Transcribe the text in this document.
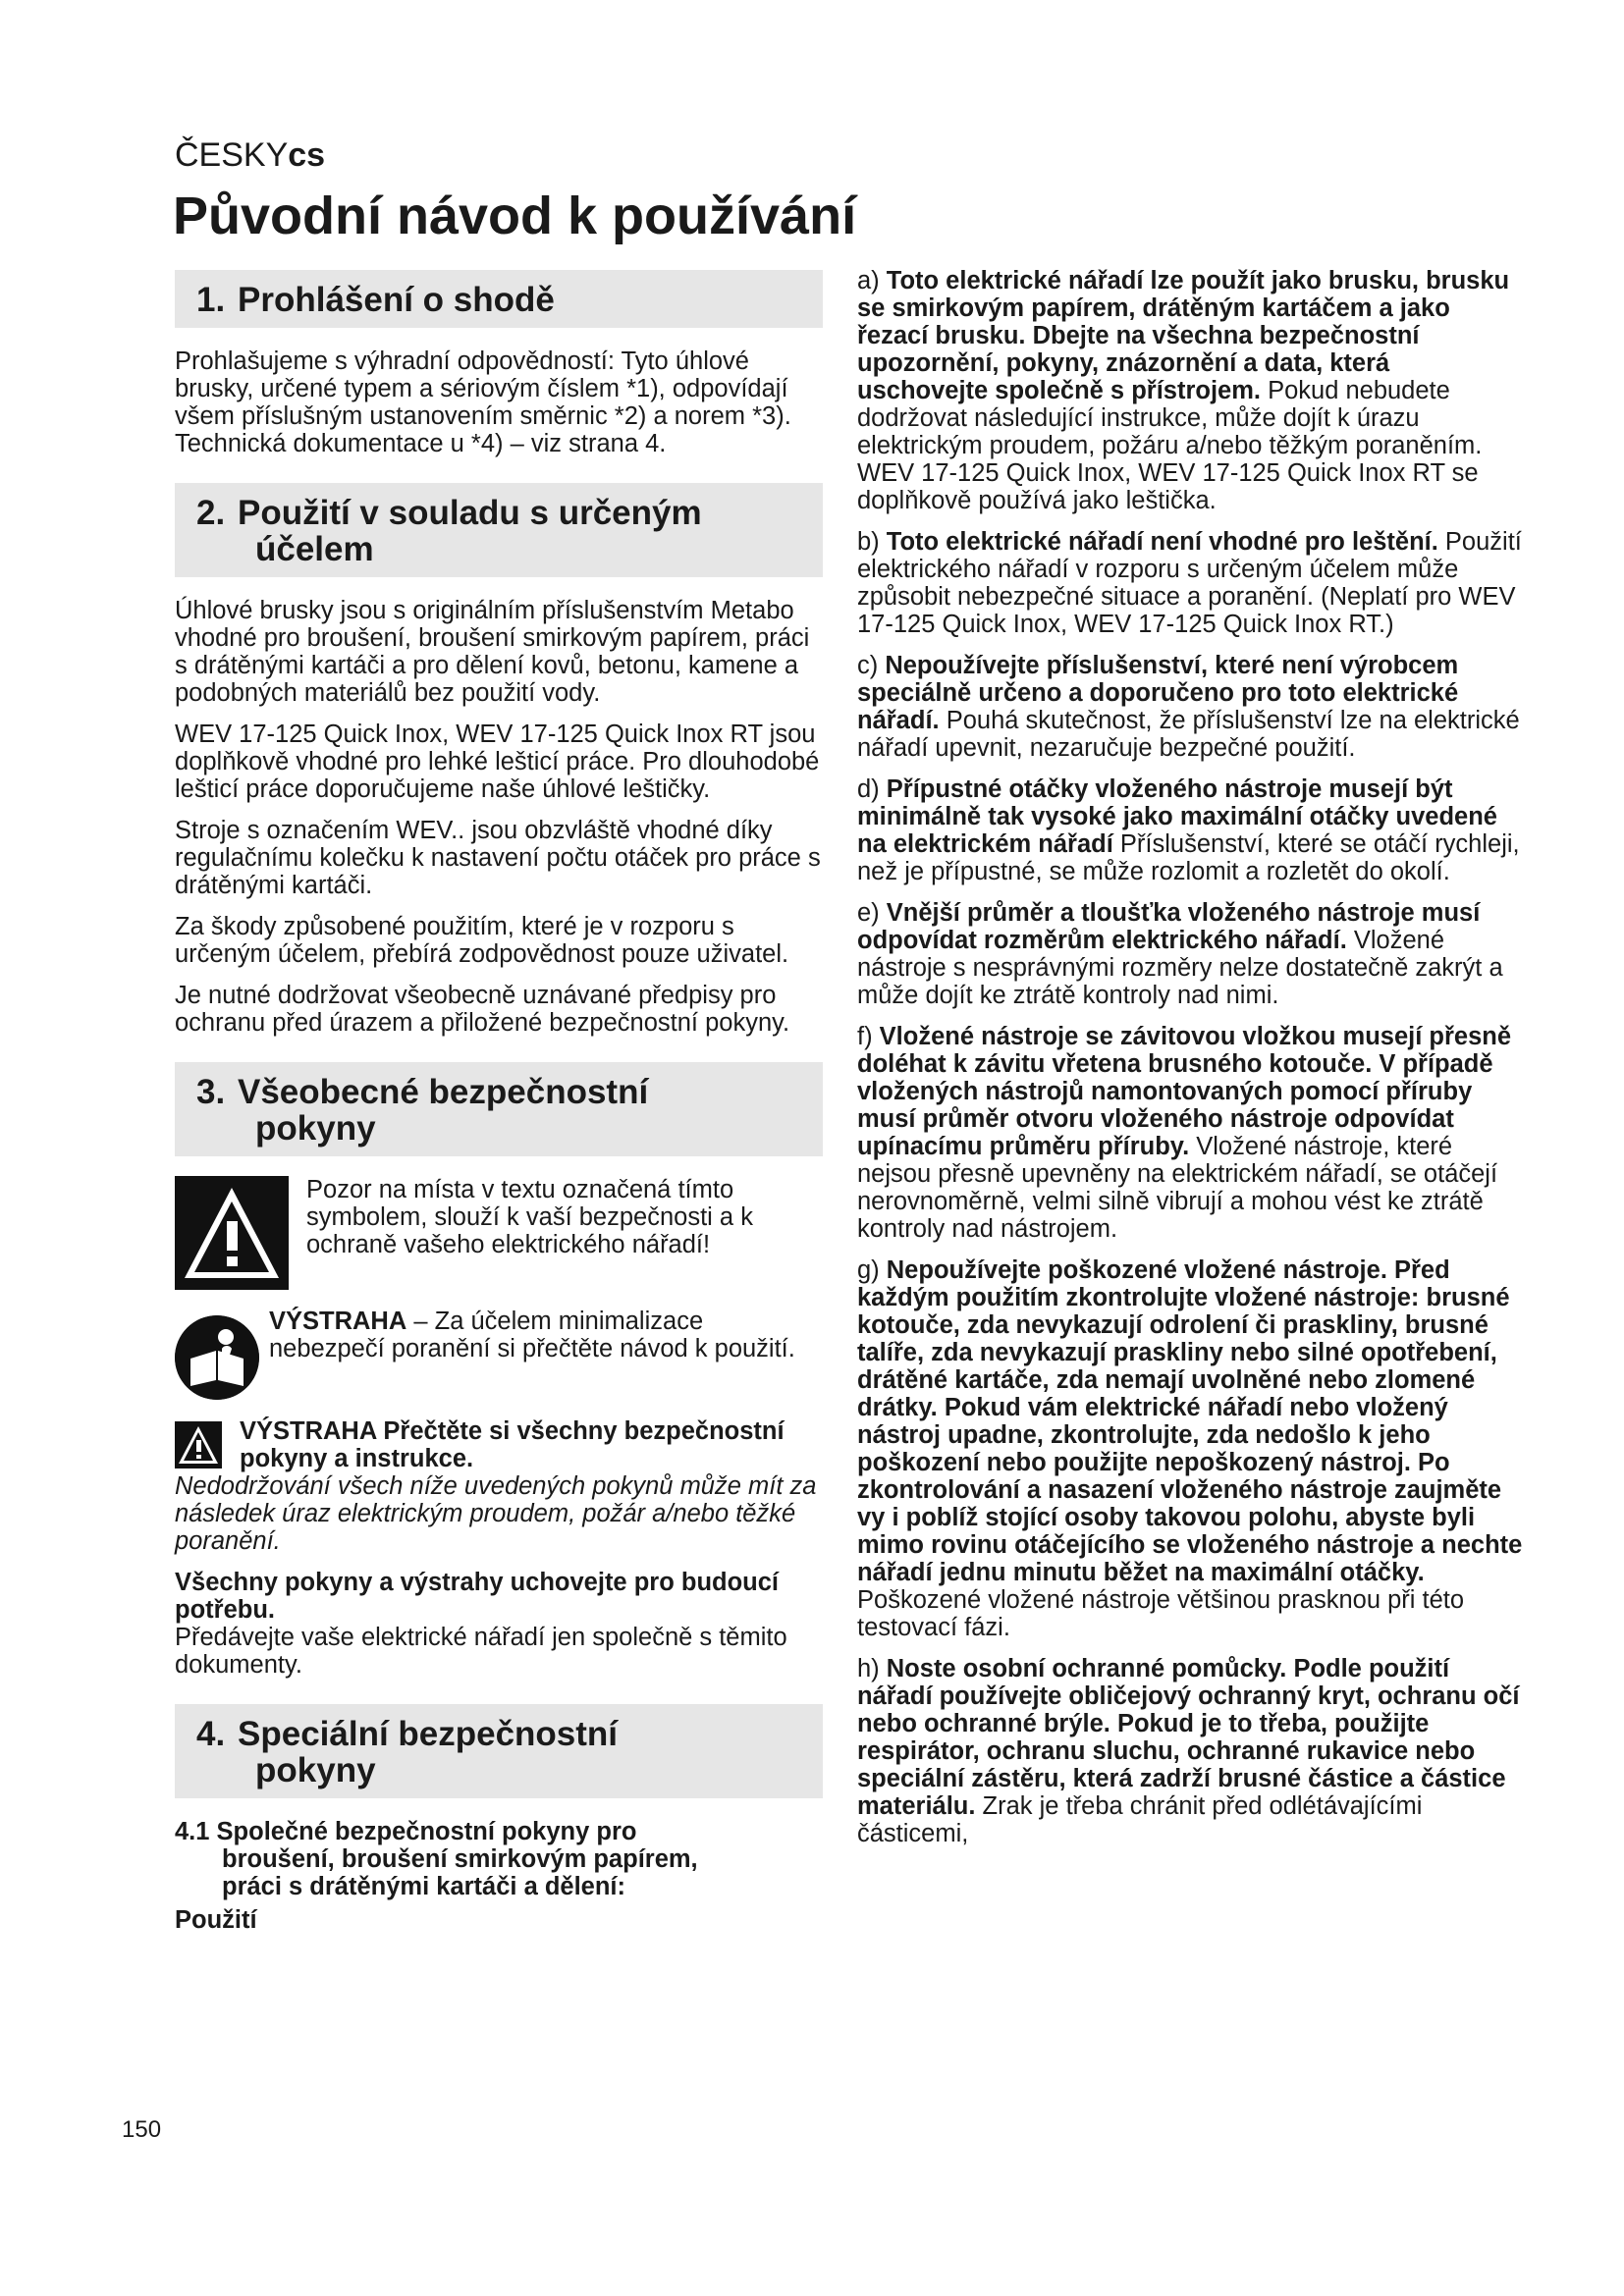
ČESKYcs
Původní návod k používání
1. Prohlášení o shodě

Prohlašujeme s výhradní odpovědností: Tyto úhlové brusky, určené typem a sériovým číslem *1), odpovídají všem příslušným ustanovením směrnic *2) a norem *3). Technická dokumentace u *4) – viz strana 4.

2. Použití v souladu s určeným
účelem

Úhlové brusky jsou s originálním příslušenstvím Metabo vhodné pro broušení, broušení smirkovým papírem, práci s drátěnými kartáči a pro dělení kovů, betonu, kamene a podobných materiálů bez použití vody.

WEV 17-125 Quick Inox, WEV 17-125 Quick Inox RT jsou doplňkově vhodné pro lehké lešticí práce. Pro dlouhodobé lešticí práce doporučujeme naše úhlové leštičky.

Stroje s označením WEV.. jsou obzvláště vhodné díky regulačnímu kolečku k nastavení počtu otáček pro práce s drátěnými kartáči.

Za škody způsobené použitím, které je v rozporu s určeným účelem, přebírá zodpovědnost pouze uživatel.

Je nutné dodržovat všeobecně uznávané předpisy pro ochranu před úrazem a přiložené bezpečnostní pokyny.

3. Všeobecné bezpečnostní
pokyny
Pozor na místa v textu označená tímto symbolem, slouží k vaší bezpečnosti a k ochraně vašeho elektrického nářadí!
VÝSTRAHA – Za účelem minimalizace nebezpečí poranění si přečtěte návod k použití.
VÝSTRAHA Přečtěte si všechny bezpečnostní pokyny a instrukce.

Nedodržování všech níže uvedených pokynů může mít za následek úraz elektrickým proudem, požár a/nebo těžké poranění.

Všechny pokyny a výstrahy uchovejte pro budoucí potřebu.

Předávejte vaše elektrické nářadí jen společně s těmito dokumenty.

4. Speciální bezpečnostní
pokyny
4.1 Společné bezpečnostní pokyny pro
broušení, broušení smirkovým papírem,
práci s drátěnými kartáči a dělení:

Použití

a) Toto elektrické nářadí lze použít jako brusku, brusku se smirkovým papírem, drátěným kartáčem a jako řezací brusku. Dbejte na všechna bezpečnostní upozornění, pokyny, znázornění a data, která uschovejte společně s přístrojem. Pokud nebudete dodržovat následující instrukce, může dojít k úrazu elektrickým proudem, požáru a/nebo těžkým poraněním. WEV 17-125 Quick Inox, WEV 17-125 Quick Inox RT se doplňkově používá jako leštička.

b) Toto elektrické nářadí není vhodné pro leštění. Použití elektrického nářadí v rozporu s určeným účelem může způsobit nebezpečné situace a poranění. (Neplatí pro WEV 17-125 Quick Inox, WEV 17-125 Quick Inox RT.)

c) Nepoužívejte příslušenství, které není výrobcem speciálně určeno a doporučeno pro toto elektrické nářadí. Pouhá skutečnost, že příslušenství lze na elektrické nářadí upevnit, nezaručuje bezpečné použití.

d) Přípustné otáčky vloženého nástroje musejí být minimálně tak vysoké jako maximální otáčky uvedené na elektrickém nářadí Příslušenství, které se otáčí rychleji, než je přípustné, se může rozlomit a rozletět do okolí.

e) Vnější průměr a tloušťka vloženého nástroje musí odpovídat rozměrům elektrického nářadí. Vložené nástroje s nesprávnými rozměry nelze dostatečně zakrýt a může dojít ke ztrátě kontroly nad nimi.

f) Vložené nástroje se závitovou vložkou musejí přesně doléhat k závitu vřetena brusného kotouče. V případě vložených nástrojů namontovaných pomocí příruby musí průměr otvoru vloženého nástroje odpovídat upínacímu průměru příruby. Vložené nástroje, které nejsou přesně upevněny na elektrickém nářadí, se otáčejí nerovnoměrně, velmi silně vibrují a mohou vést ke ztrátě kontroly nad nástrojem.

g) Nepoužívejte poškozené vložené nástroje. Před každým použitím zkontrolujte vložené nástroje: brusné kotouče, zda nevykazují odrolení či praskliny, brusné talíře, zda nevykazují praskliny nebo silné opotřebení, drátěné kartáče, zda nemají uvolněné nebo zlomené drátky. Pokud vám elektrické nářadí nebo vložený nástroj upadne, zkontrolujte, zda nedošlo k jeho poškození nebo použijte nepoškozený nástroj. Po zkontrolování a nasazení vloženého nástroje zaujměte vy i poblíž stojící osoby takovou polohu, abyste byli mimo rovinu otáčejícího se vloženého nástroje a nechte nářadí jednu minutu běžet na maximální otáčky. Poškozené vložené nástroje většinou prasknou při této testovací fázi.

h) Noste osobní ochranné pomůcky. Podle použití nářadí používejte obličejový ochranný kryt, ochranu očí nebo ochranné brýle. Pokud je to třeba, použijte respirátor, ochranu sluchu, ochranné rukavice nebo speciální zástěru, která zadrží brusné částice a částice materiálu. Zrak je třeba chránit před odlétávajícími částicemi,

150
